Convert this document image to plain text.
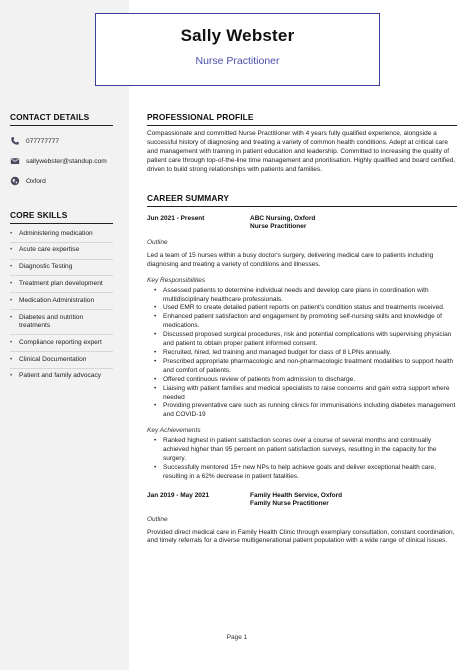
Sally Webster
Nurse Practitioner
CONTACT DETAILS
077777777
sallywebster@standup.com
Oxford
CORE SKILLS
•	Administering medication
•	Acute care expertise
•	Diagnostic Testing
•	Treatment plan development
•	Medication Administration
•	Diabetes and nutrition treatments
•	Compliance reporting expert
•	Clinical Documentation
•	Patient and family advocacy
PROFESSIONAL PROFILE
Compassionate and committed Nurse Practitioner with 4 years fully qualified experience, alongside a successful history of diagnosing and treating a variety of common health conditions. Adept at critical care and management with training in patient education and leadership. Committed to increasing the quality of patient care through top-of-the-line time management and prioritisation. Highly qualified and board certified, driven to build strong relationships with patients and families.
CAREER SUMMARY
Jun 2021 - Present	ABC Nursing, Oxford
Nurse Practitioner
Outline
Led a team of 15 nurses within a busy doctor's surgery, delivering medical care to patients including diagnosing and treating a variety of conditions and illnesses.
Key Responsibilities
• Assessed patients to determine individual needs and develop care plans in coordination with multidisciplinary healthcare professionals.
• Used EMR to create detailed patient reports on patient's condition status and treatments received.
• Enhanced patient satisfaction and engagement by promoting self-nursing skills and knowledge of medications.
• Discussed proposed surgical procedures, risk and potential complications with supervising physician and patient to obtain proper patient informed consent.
• Recruited, hired, led training and managed budget for class of 8 LPNs annually.
• Prescribed appropriate pharmacologic and non-pharmacologic treatment modalities to support health and comfort of patients.
• Offered continuous review of patients from admission to discharge.
• Liaising with patient families and medical specialists to raise concerns and gain extra support where needed
• Providing preventative care such as running clinics for immunisations including diabetes management and COVID-19
Key Achievements
• Ranked highest in patient satisfaction scores over a course of several months and continually achieved higher than 95 percent on patient satisfaction surveys, resulting in the capacity for the surgery.
• Successfully mentored 15+ new NPs to help achieve goals and deliver exceptional health care, resulting in a 62% decrease in patient fatalities.
Jan 2019 - May 2021	Family Health Service, Oxford
Family Nurse Practitioner
Outline
Provided direct medical care in Family Health Clinic through exemplary consultation, constant coordination, and timely referrals for a diverse multigenerational patient population with a wide range of clinical issues.
Page 1
